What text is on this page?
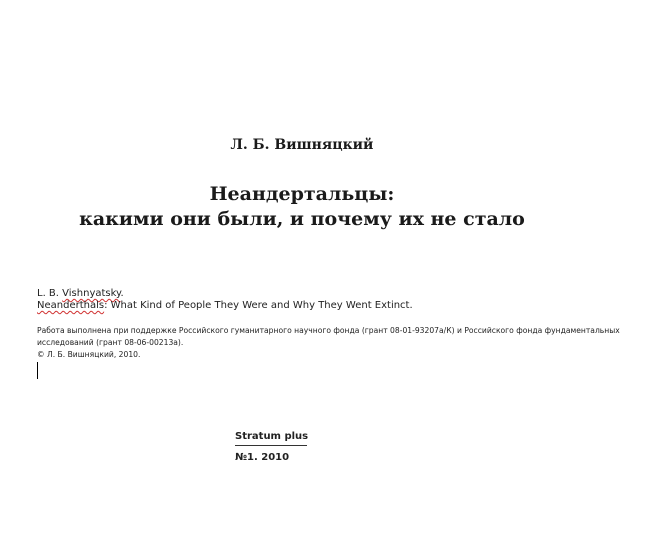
Л. Б. Вишняцкий
Неандертальцы:
какими они были, и почему их не стало
L. B. Vishnyatsky.
Neanderthals: What Kind of People They Were and Why They Went Extinct.
Работа выполнена при поддержке Российского гуманитарного научного фонда (грант 08-01-93207а/К) и Российского фонда фундаментальных исследований (грант 08-06-00213а).
© Л. Б. Вишняцкий, 2010.
Stratum plus
№1. 2010
